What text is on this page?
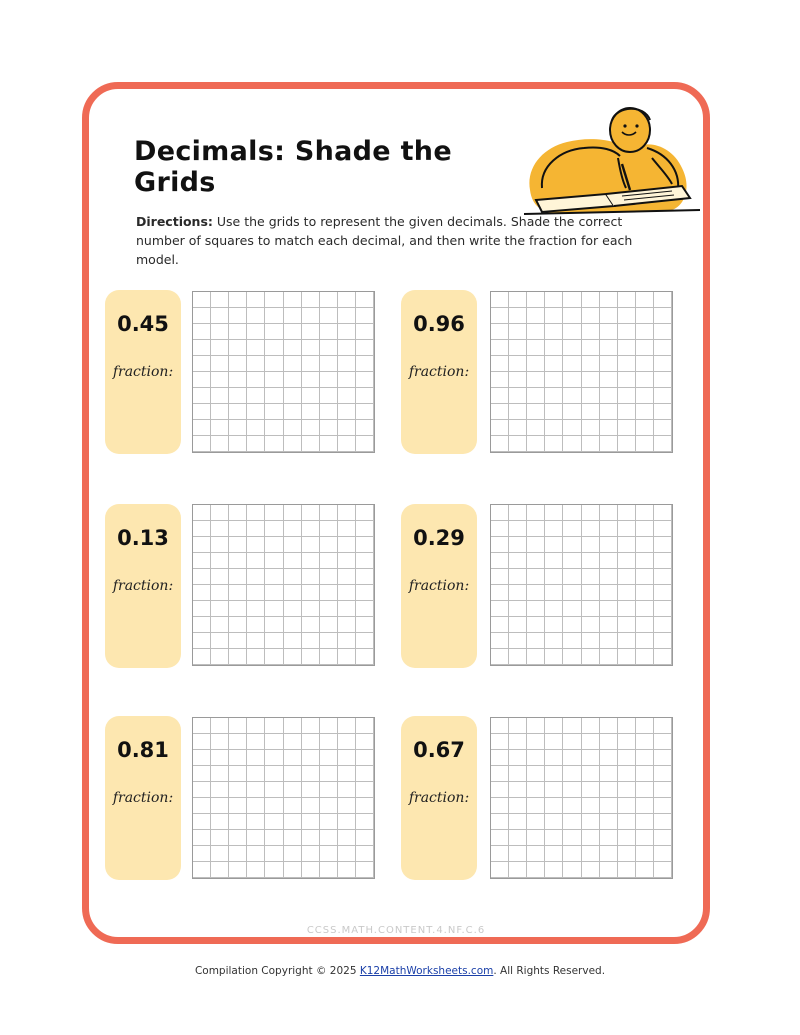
Decimals: Shade the Grids

Directions: Use the grids to represent the given decimals. Shade the correct number of squares to match each decimal, and then write the fraction for each model.

0.45
fraction:
0.96
fraction:
0.13
fraction:
0.29
fraction:
0.81
fraction:
0.67
fraction:
CCSS.MATH.CONTENT.4.NF.C.6
Compilation Copyright © 2025 K12MathWorksheets.com. All Rights Reserved.
